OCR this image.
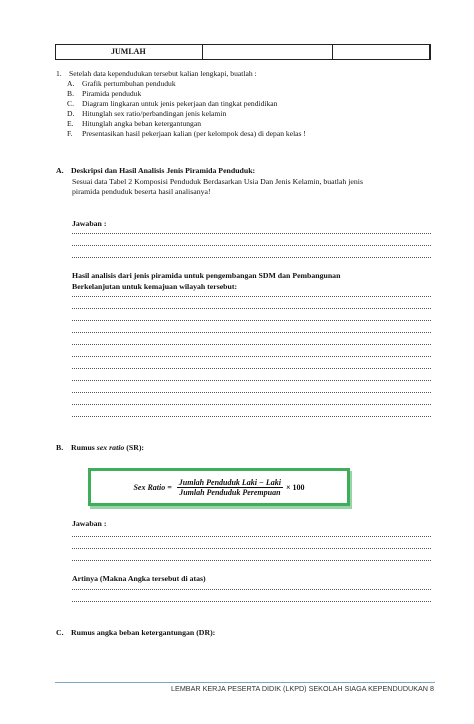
JUMLAH
1. Setelah data kependudukan tersebut kalian lengkapi, buatlah :
A.	Grafik pertumbuhan penduduk
B.	Piramida penduduk
C.	Diagram lingkaran untuk jenis pekerjaan dan tingkat pendidikan
D.	Hitunglah sex ratio/perbandingan jenis kelamin
E.	Hitunglah angka beban ketergantungan
F.	Presentasikan hasil pekerjaan kalian (per kelompok desa) di depan kelas !
A. Deskripsi dan Hasil Analisis Jenis Piramida Penduduk:
Sesuai data Tabel 2 Komposisi Penduduk Berdasarkan Usia Dan Jenis Kelamin, buatlah jenis
piramida penduduk beserta hasil analisanya!
Jawaban :
Hasil analisis dari jenis piramida untuk pengembangan SDM dan Pembangunan
Berkelanjutan untuk kemajuan wilayah tersebut:
B. Rumus sex ratio (SR):
Sex Ratio = $\frac{\text{Jumlah Penduduk Laki − Laki}}{\text{Jumlah Penduduk Perempuan}} \times 100$
Jawaban :
Artinya (Makna Angka tersebut di atas)
C. Rumus angka beban ketergantungan (DR):
LEMBAR KERJA PESERTA DIDIK (LKPD) SEKOLAH SIAGA KEPENDUDUKAN 8
